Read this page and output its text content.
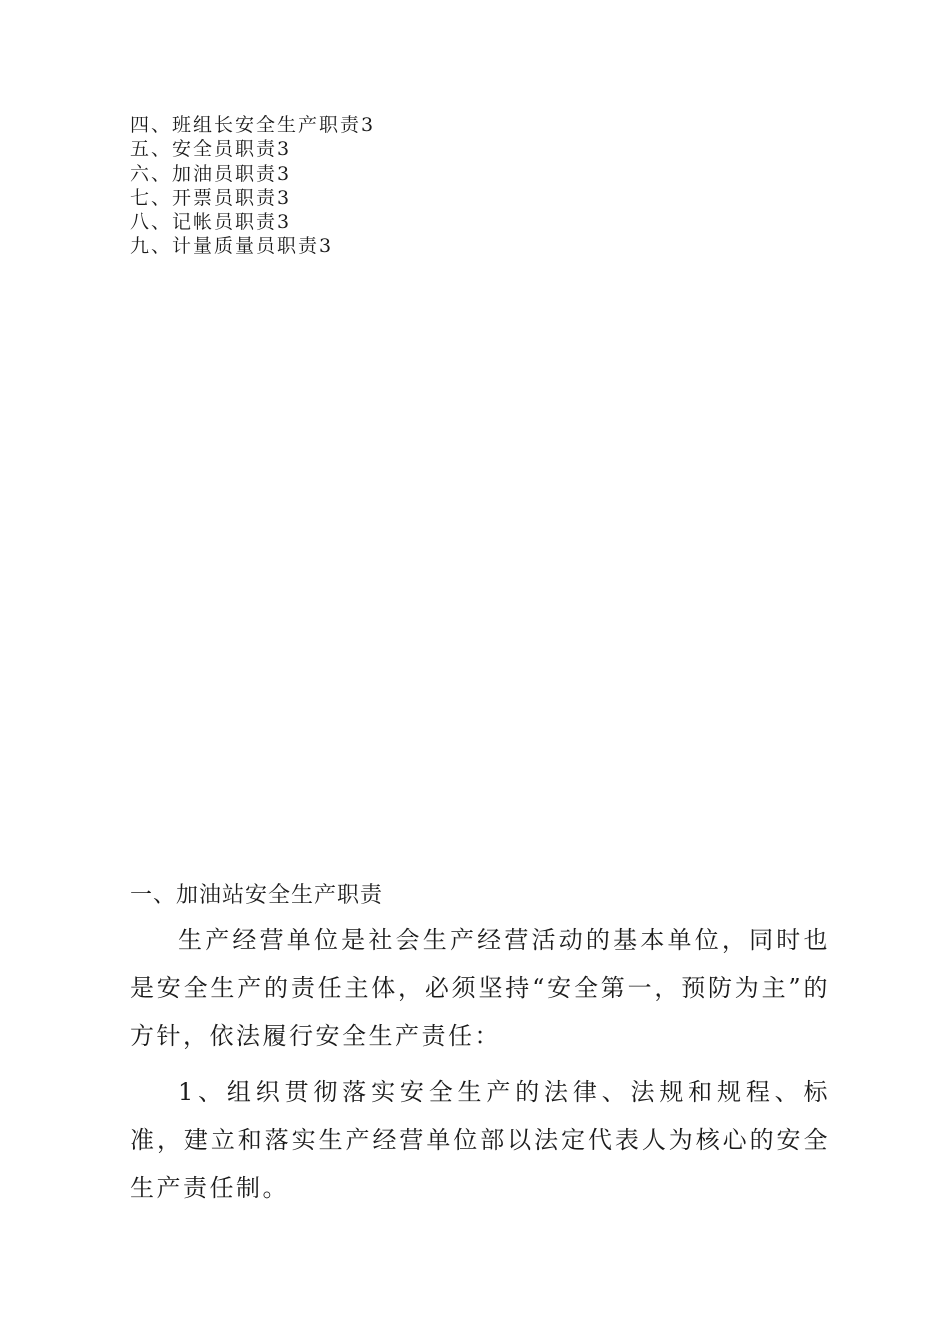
四、班组长安全生产职责3
五、安全员职责3
六、加油员职责3
七、开票员职责3
八、记帐员职责3
九、计量质量员职责3
一、加油站安全生产职责

生产经营单位是社会生产经营活动的基本单位，同时也是安全生产的责任主体，必须坚持“安全第一，预防为主”的方针，依法履行安全生产责任：

1、组织贯彻落实安全生产的法律、法规和规程、标准，建立和落实生产经营单位部以法定代表人为核心的安全生产责任制。
